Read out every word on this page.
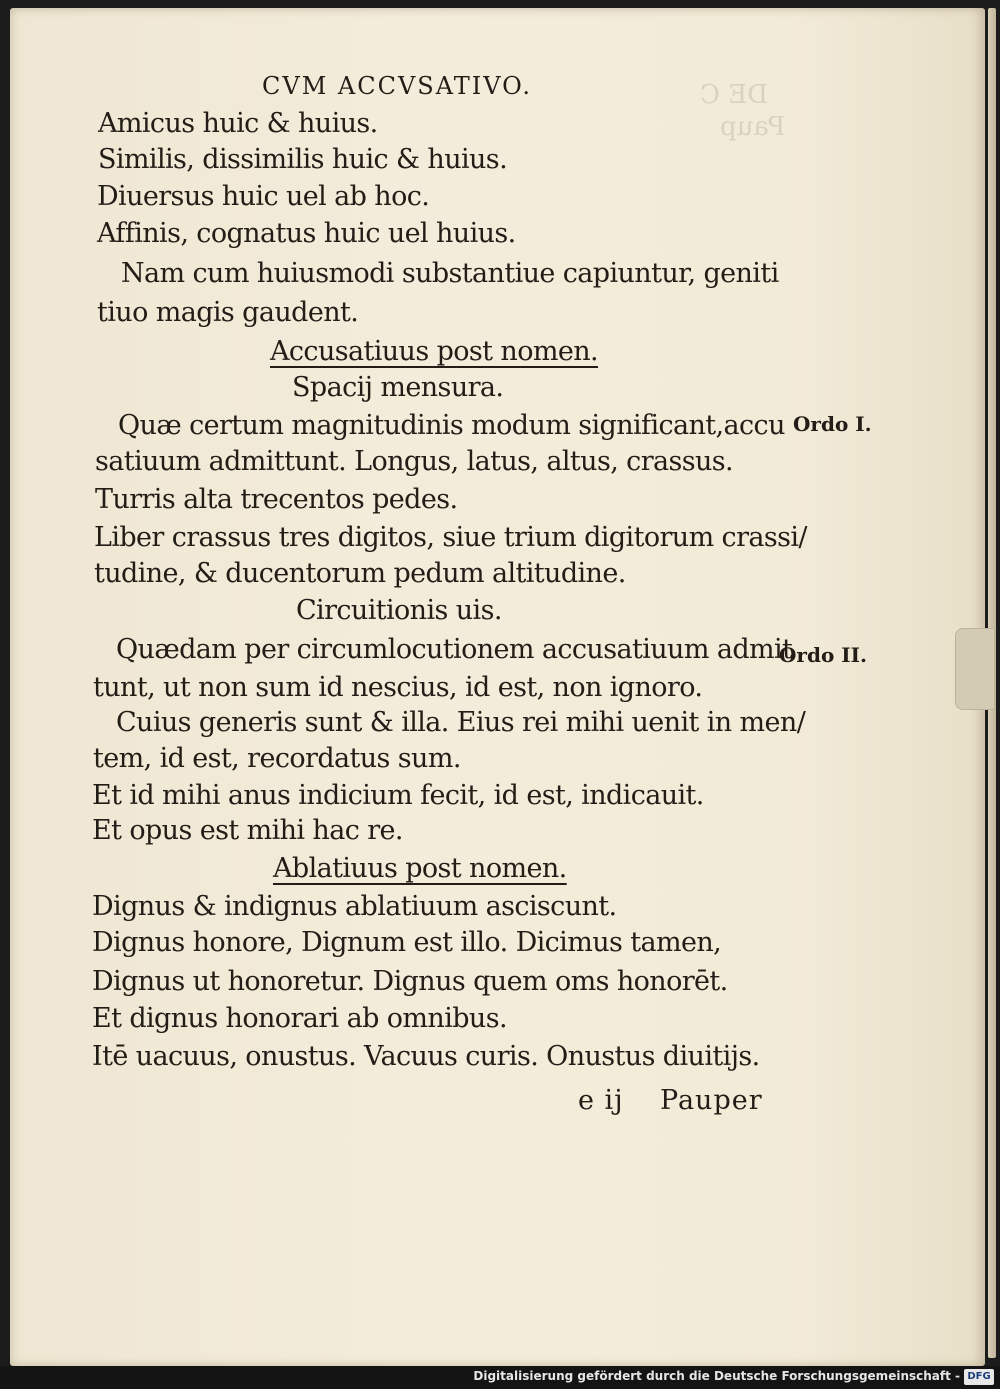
DE C
Paup
CVM ACCVSATIVO.
Amicus huic & huius.
Similis, dissimilis huic & huius.
Diuersus huic uel ab hoc.
Affinis, cognatus huic uel huius.
Nam cum huiusmodi substantiue capiuntur, geniti
tiuo magis gaudent.
Accusatiuus post nomen.
Spacij mensura.
Quæ certum magnitudinis modum significant,accu Ordo I.
satiuum admittunt. Longus, latus, altus, crassus.
Turris alta trecentos pedes.
Liber crassus tres digitos, siue trium digitorum crassi/
tudine, & ducentorum pedum altitudine.
Circuitionis uis.
Quædam per circumlocutionem accusatiuum admit
Ordo II.
tunt, ut non sum id nescius, id est, non ignoro.
Cuius generis sunt & illa. Eius rei mihi uenit in men/
tem, id est, recordatus sum.
Et id mihi anus indicium fecit, id est, indicauit.
Et opus est mihi hac re.
Ablatiuus post nomen.
Dignus & indignus ablatiuum asciscunt.
Dignus honore, Dignum est illo. Dicimus tamen,
Dignus ut honoretur. Dignus quem oms honorēt.
Et dignus honorari ab omnibus.
Itē uacuus, onustus. Vacuus curis. Onustus diuitijs.
e ij Pauper
Digitalisierung gefördert durch die Deutsche Forschungsgemeinschaft - DFG
